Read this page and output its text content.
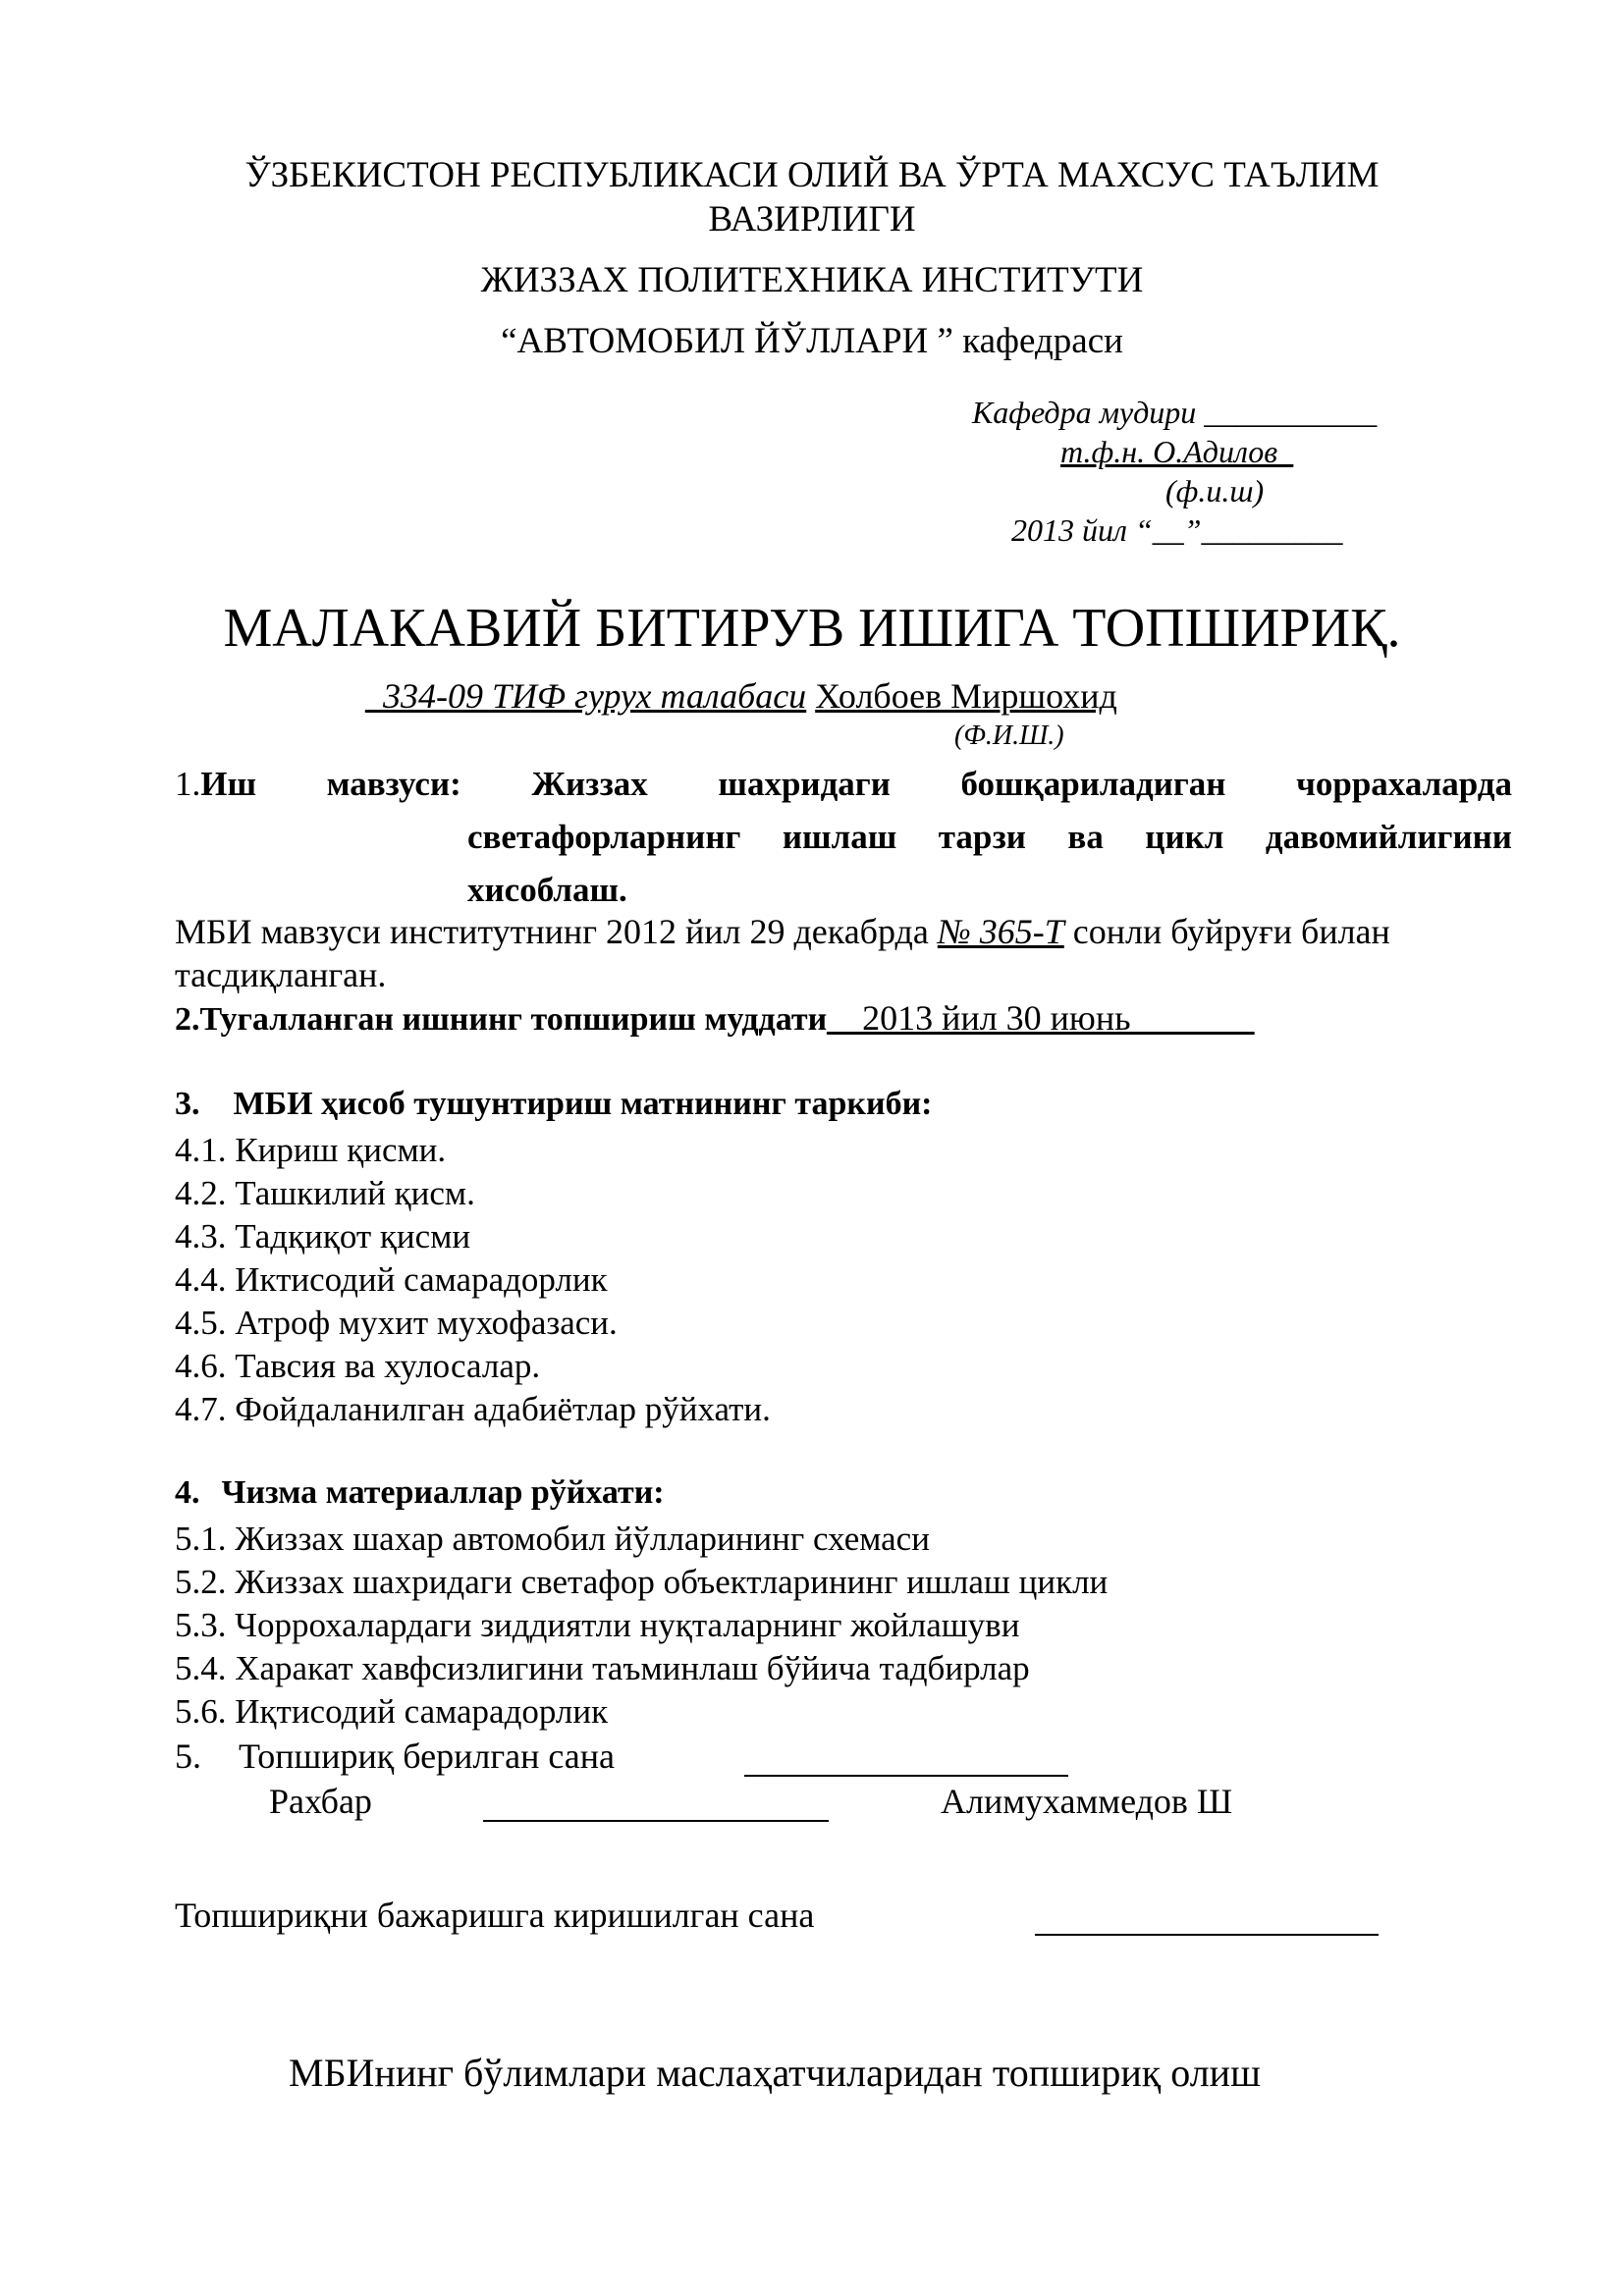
ЎЗБЕКИСТОН РЕСПУБЛИКАСИ ОЛИЙ ВА ЎРТА МАХСУС ТАЪЛИМ
ВАЗИРЛИГИ
ЖИЗЗАХ ПОЛИТЕХНИКА ИНСТИТУТИ
“АВТОМОБИЛ ЙЎЛЛАРИ ” кафедраси
Кафедра мудири ___________
т.ф.н. О.Адилов_
(ф.и.ш)
2013 йил “__”_________
МАЛАКАВИЙ БИТИРУВ ИШИГА ТОПШИРИҚ.
_334-09 ТИФ гурух талабаси Холбоев Миршохид
(Ф.И.Ш.)
1.Иш мавзуси: Жиззах шахридаги бошқариладиган чоррахаларда
светафорларнинг ишлаш тарзи ва цикл давомийлигини
хисоблаш.
МБИ мавзуси институтнинг 2012 йил 29 декабрда № 365-Т сонли буйруғи билан
тасдиқланган.
2.Тугалланган ишнинг топшириш муддати__2013 йил 30 июнь_______
3. МБИ ҳисоб тушунтириш матнининг таркиби:
4.1. Кириш қисми.
4.2. Ташкилий қисм.
4.3. Тадқиқот қисми
4.4. Иктисодий самарадорлик
4.5. Атроф мухит мухофазаси.
4.6. Тавсия ва хулосалар.
4.7. Фойдаланилган адабиётлар рўйхати.
4. Чизма материаллар рўйхати:
5.1. Жиззах шахар автомобил йўлларининг схемаси
5.2. Жиззах шахридаги светафор объектларининг ишлаш цикли
5.3. Чоррохалардаги зиддиятли нуқталарнинг жойлашуви
5.4. Харакат хавфсизлигини таъминлаш бўйича тадбирлар
5.6. Иқтисодий самарадорлик
5. Топшириқ берилган сана
Рахбар	Алимухаммедов Ш
Топшириқни бажаришга киришилган сана
МБИнинг бўлимлари маслаҳатчиларидан топшириқ олиш
